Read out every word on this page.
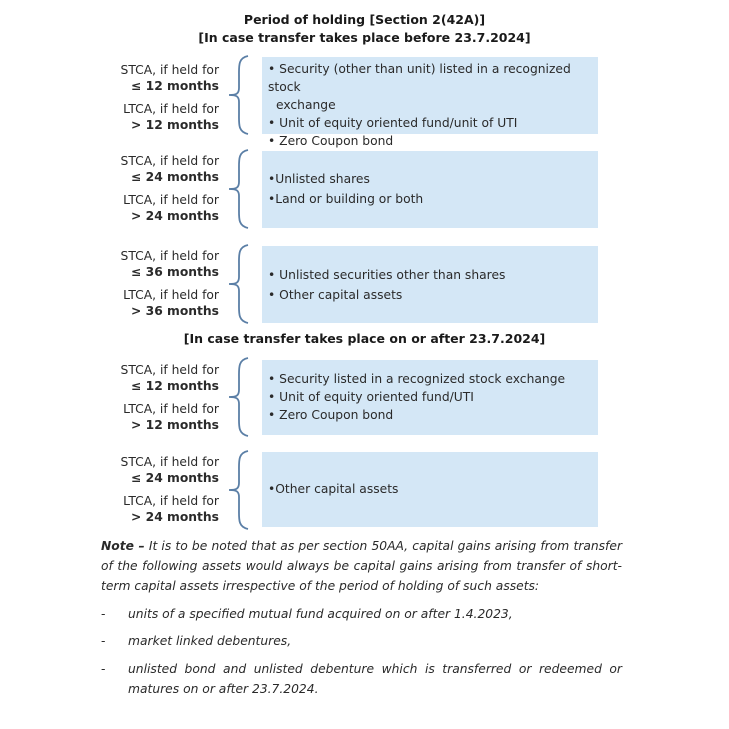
Period of holding [Section 2(42A)]
[In case transfer takes place before 23.7.2024]
STCA, if held for
≤ 12 months
LTCA, if held for
> 12 months
• Security (other than unit) listed in a recognized stock
exchange
• Unit of equity oriented fund/unit of UTI
• Zero Coupon bond
STCA, if held for
≤ 24 months
LTCA, if held for
> 24 months
•Unlisted shares
•Land or building or both
STCA, if held for
≤ 36 months
LTCA, if held for
> 36 months
• Unlisted securities other than shares
• Other capital assets
[In case transfer takes place on or after 23.7.2024]
STCA, if held for
≤ 12 months
LTCA, if held for
> 12 months
• Security listed in a recognized stock exchange
• Unit of equity oriented fund/UTI
• Zero Coupon bond
STCA, if held for
≤ 24 months
LTCA, if held for
> 24 months
•Other capital assets
Note – It is to be noted that as per section 50AA, capital gains arising from transfer of the following assets would always be capital gains arising from transfer of short-term capital assets irrespective of the period of holding of such assets:
- units of a specified mutual fund acquired on or after 1.4.2023,
- market linked debentures,
- unlisted bond and unlisted debenture which is transferred or redeemed or matures on or after 23.7.2024.
